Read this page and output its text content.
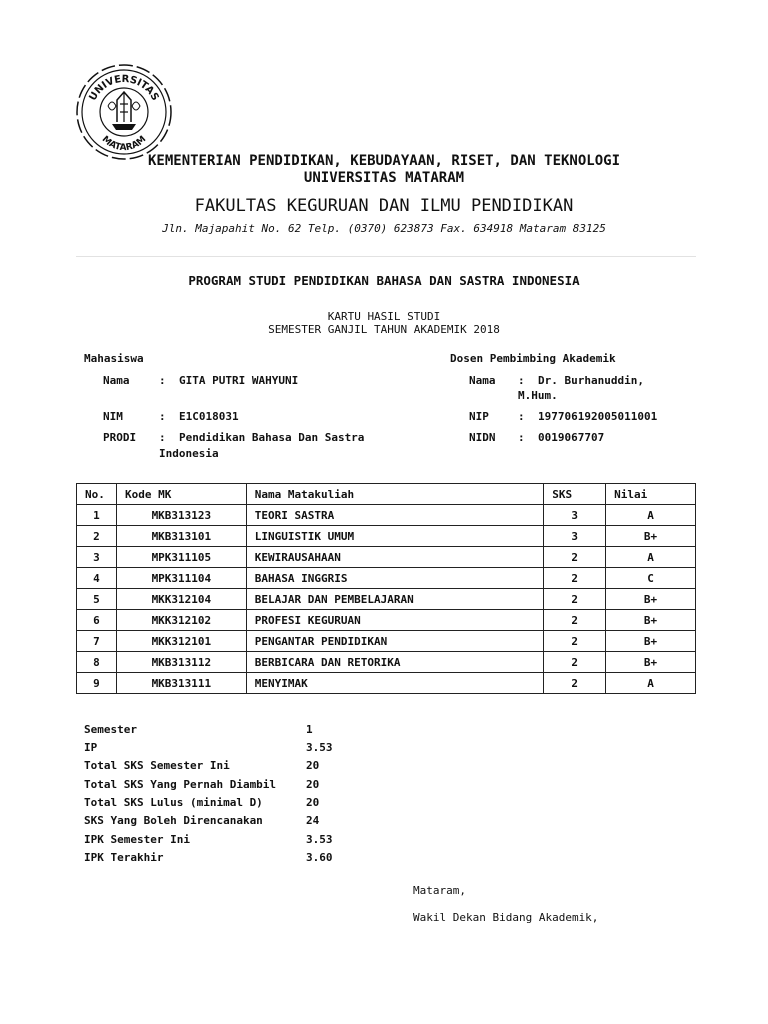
UNIVERSITAS
MATARAM
KEMENTERIAN PENDIDIKAN, KEBUDAYAAN, RISET, DAN TEKNOLOGI
UNIVERSITAS MATARAM
FAKULTAS KEGURUAN DAN ILMU PENDIDIKAN
Jln. Majapahit No. 62 Telp. (0370) 623873 Fax. 634918 Mataram 83125
PROGRAM STUDI PENDIDIKAN BAHASA DAN SASTRA INDONESIA
KARTU HASIL STUDI
SEMESTER GANJIL TAHUN AKADEMIK 2018
Mahasiswa
Nama	: GITA PUTRI WAHYUNI
NIM	: E1C018031
PRODI : Pendidikan Bahasa Dan Sastra
Indonesia
Dosen Pembimbing Akademik
Nama : Dr. Burhanuddin,
M.Hum.
NIP	: 197706192005011001
NIDN : 0019067707
No.	Kode MK	Nama Matakuliah	SKS	Nilai
1	MKB313123	TEORI SASTRA	3	A
2	MKB313101	LINGUISTIK UMUM	3	B+
3	MPK311105	KEWIRAUSAHAAN	2	A
4	MPK311104	BAHASA INGGRIS	2	C
5	MKK312104	BELAJAR DAN PEMBELAJARAN	2	B+
6	MKK312102	PROFESI KEGURUAN	2	B+
7	MKK312101	PENGANTAR PENDIDIKAN	2	B+
8	MKB313112	BERBICARA DAN RETORIKA	2	B+
9	MKB313111	MENYIMAK	2	A
Semester	1
IP	3.53
Total SKS Semester Ini	20
Total SKS Yang Pernah Diambil	20
Total SKS Lulus (minimal D)	20
SKS Yang Boleh Direncanakan	24
IPK Semester Ini	3.53
IPK Terakhir	3.60
Mataram,
Wakil Dekan Bidang Akademik,
